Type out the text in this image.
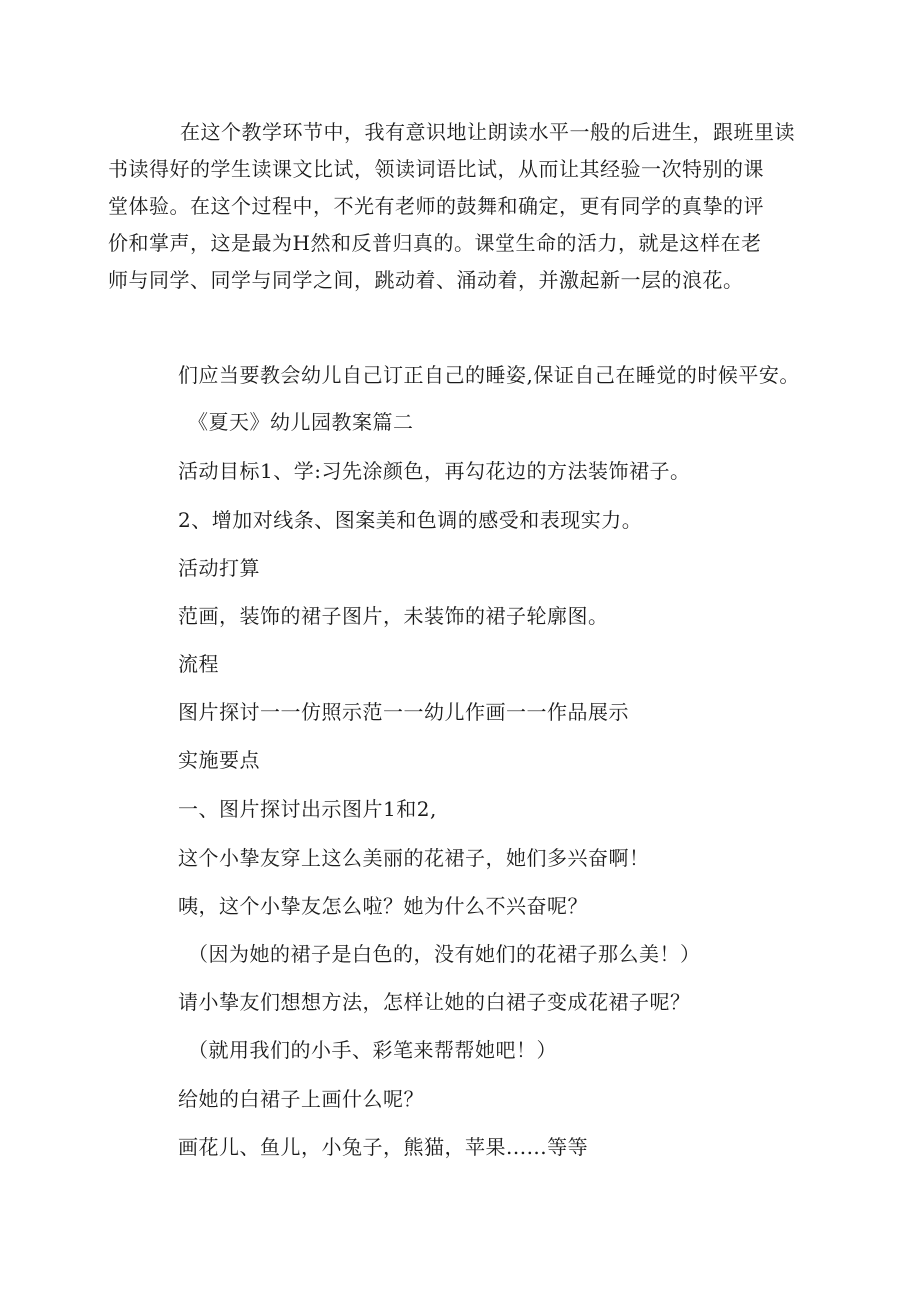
在这个教学环节中，我有意识地让朗读水平一般的后进生，跟班里读
书读得好的学生读课文比试，领读词语比试，从而让其经验一次特别的课
堂体验。在这个过程中，不光有老师的鼓舞和确定，更有同学的真挚的评
价和掌声，这是最为H然和反普归真的。课堂生命的活力，就是这样在老
师与同学、同学与同学之间，跳动着、涌动着，并激起新一层的浪花。

们应当要教会幼儿自己订正自己的睡姿,保证自己在睡觉的时候平安。

《夏天》幼儿园教案篇二

活动目标1、学:习先涂颜色，再勾花边的方法装饰裙子。

2、增加对线条、图案美和色调的感受和表现实力。

活动打算

范画，装饰的裙子图片，未装饰的裙子轮廓图。

流程

图片探讨一一仿照示范一一幼儿作画一一作品展示

实施要点

一、图片探讨出示图片1和2,

这个小挚友穿上这么美丽的花裙子，她们多兴奋啊！

咦，这个小挚友怎么啦？她为什么不兴奋呢？

（因为她的裙子是白色的，没有她们的花裙子那么美！）

请小挚友们想想方法，怎样让她的白裙子变成花裙子呢？

（就用我们的小手、彩笔来帮帮她吧！）

给她的白裙子上画什么呢？

画花儿、鱼儿，小兔子，熊猫，苹果......等等
